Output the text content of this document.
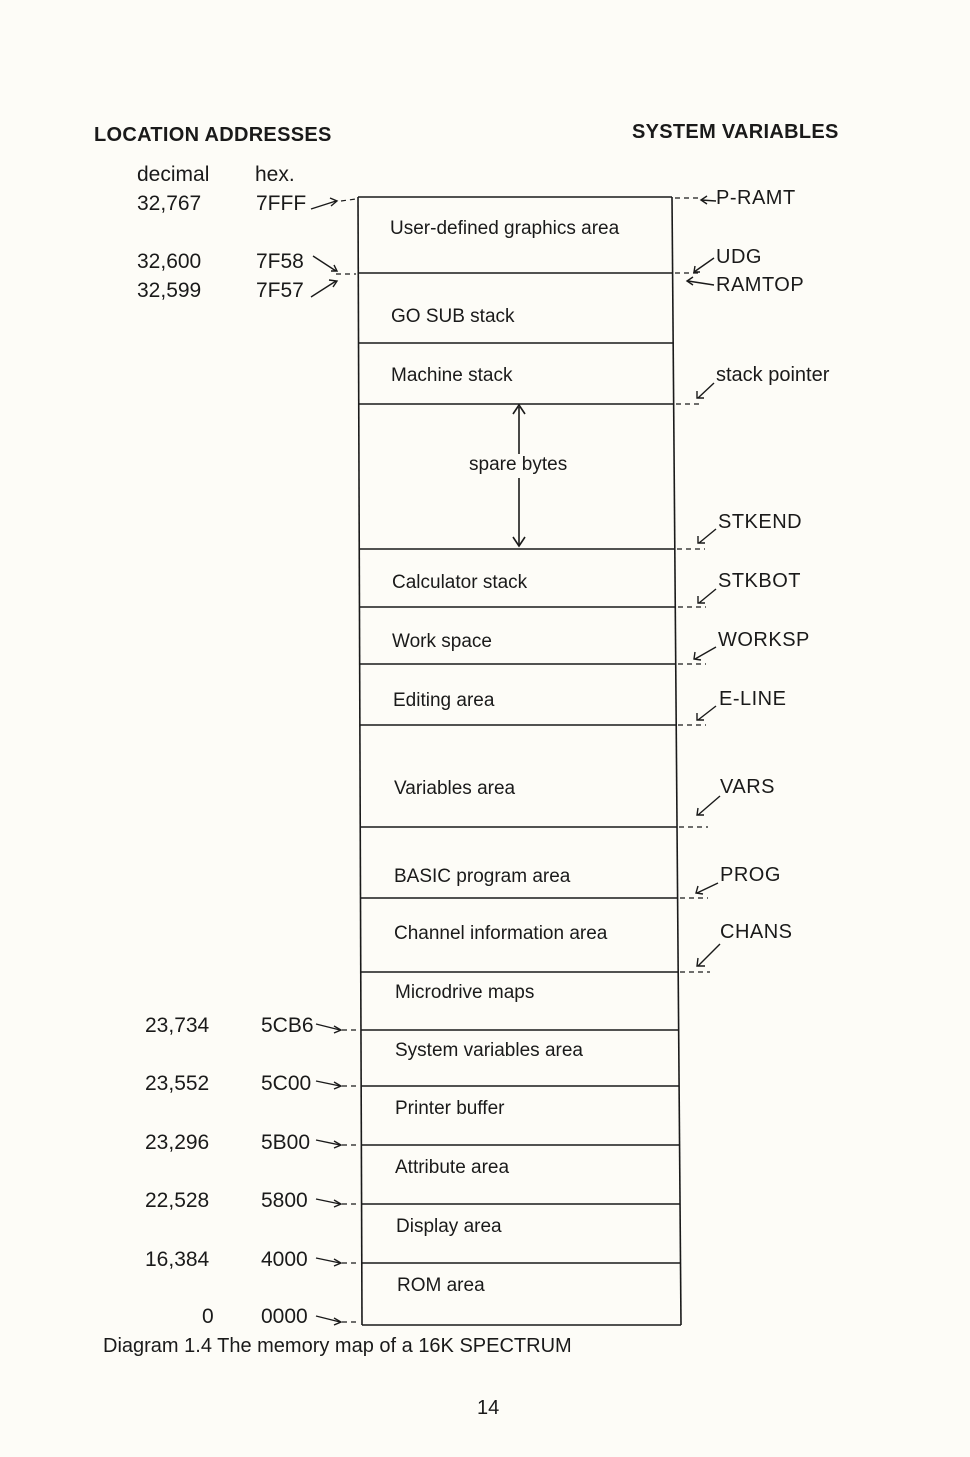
LOCATION ADDRESSES	SYSTEM VARIABLES
decimal hex.
32,767	7FFF
32,600	7F58
32,599	7F57
23,734 5CB6
23,552 5C00
23,296 5B00
22,528 5800
16,384 4000
0 0000
User-defined graphics area
GO SUB stack
Machine stack
spare bytes
Calculator stack
Work space
Editing area
Variables area
BASIC program area
Channel information area
Microdrive maps
System variables area
Printer buffer
Attribute area
Display area
ROM area
P-RAMT
UDG
RAMTOP
stack pointer
STKEND
STKBOT
WORKSP
E-LINE
VARS
PROG
CHANS
Diagram 1.4 The memory map of a 16K SPECTRUM
14
